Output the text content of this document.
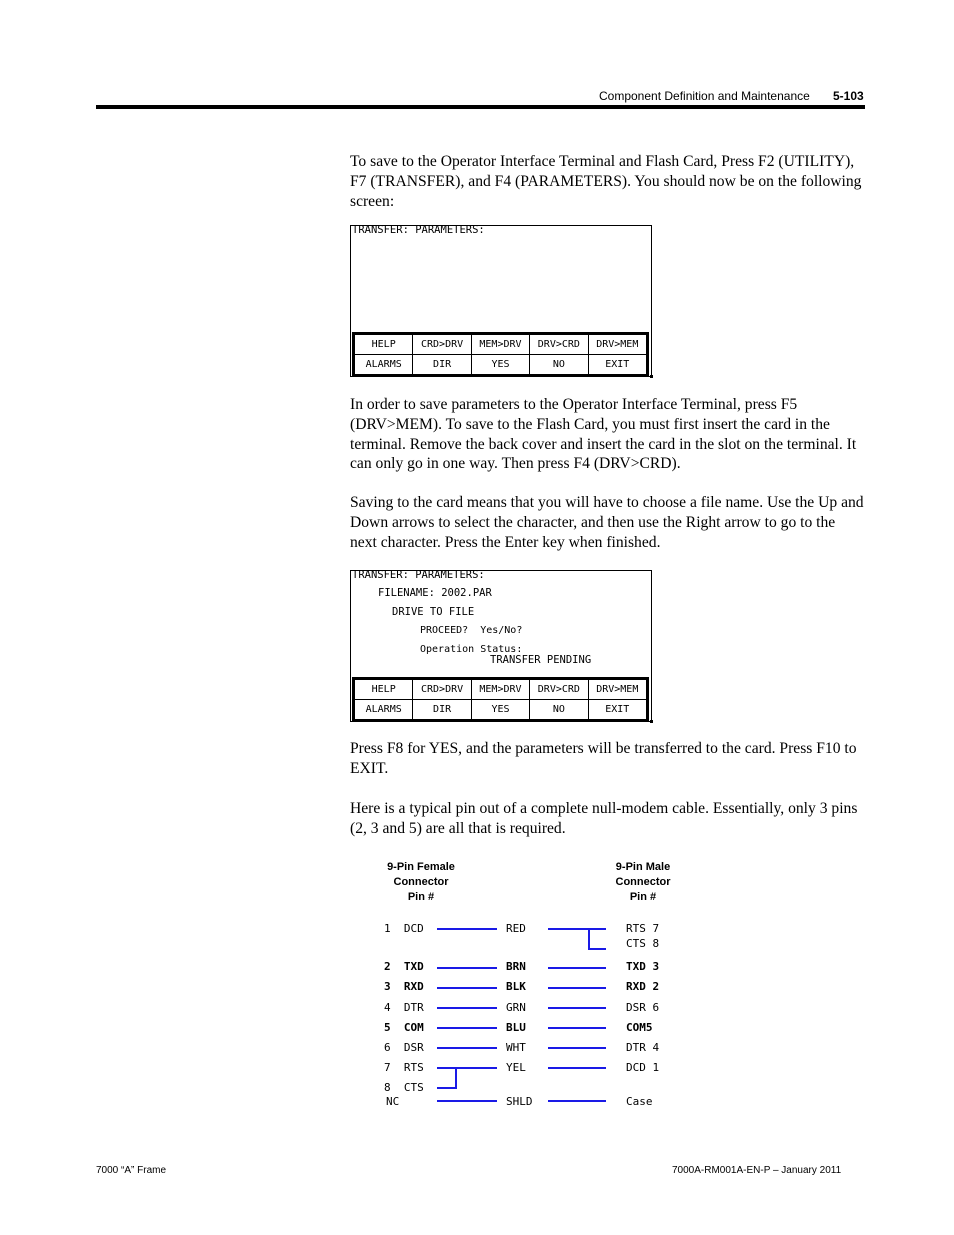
Component Definition and Maintenance 5-103

To save to the Operator Interface Terminal and Flash Card, Press F2 (UTILITY), F7 (TRANSFER), and F4 (PARAMETERS). You should now be on the following screen:

TRANSFER: PARAMETERS:
HELP	CRD>DRV	MEM>DRV	DRV>CRD	DRV>MEM
ALARMS	DIR	YES	NO	EXIT

In order to save parameters to the Operator Interface Terminal, press F5 (DRV>MEM). To save to the Flash Card, you must first insert the card in the terminal. Remove the back cover and insert the card in the slot on the terminal. It can only go in one way. Then press F4 (DRV>CRD).

Saving to the card means that you will have to choose a file name. Use the Up and Down arrows to select the character, and then use the Right arrow to go to the next character. Press the Enter key when finished.

TRANSFER: PARAMETERS:
FILENAME: 2002.PAR
DRIVE TO FILE
PROCEED?  Yes/No?
Operation Status:
TRANSFER PENDING
HELP	CRD>DRV	MEM>DRV	DRV>CRD	DRV>MEM
ALARMS	DIR	YES	NO	EXIT

Press F8 for YES, and the parameters will be transferred to the card. Press F10 to EXIT.

Here is a typical pin out of a complete null-modem cable. Essentially, only 3 pins (2, 3 and 5) are all that is required.

9-Pin Female
Connector
Pin #
9-Pin Male
Connector
Pin #
1  DCD	RED	RTS 7
CTS 8
2  TXD	BRN	TXD 3
3  RXD	BLK	RXD 2
4  DTR	GRN	DSR 6
5  COM	BLU	COM5
6  DSR	WHT	DTR 4
7  RTS	YEL	DCD 1
8  CTS
NC	SHLD	Case
7000 “A” Frame	7000A-RM001A-EN-P – January 2011
